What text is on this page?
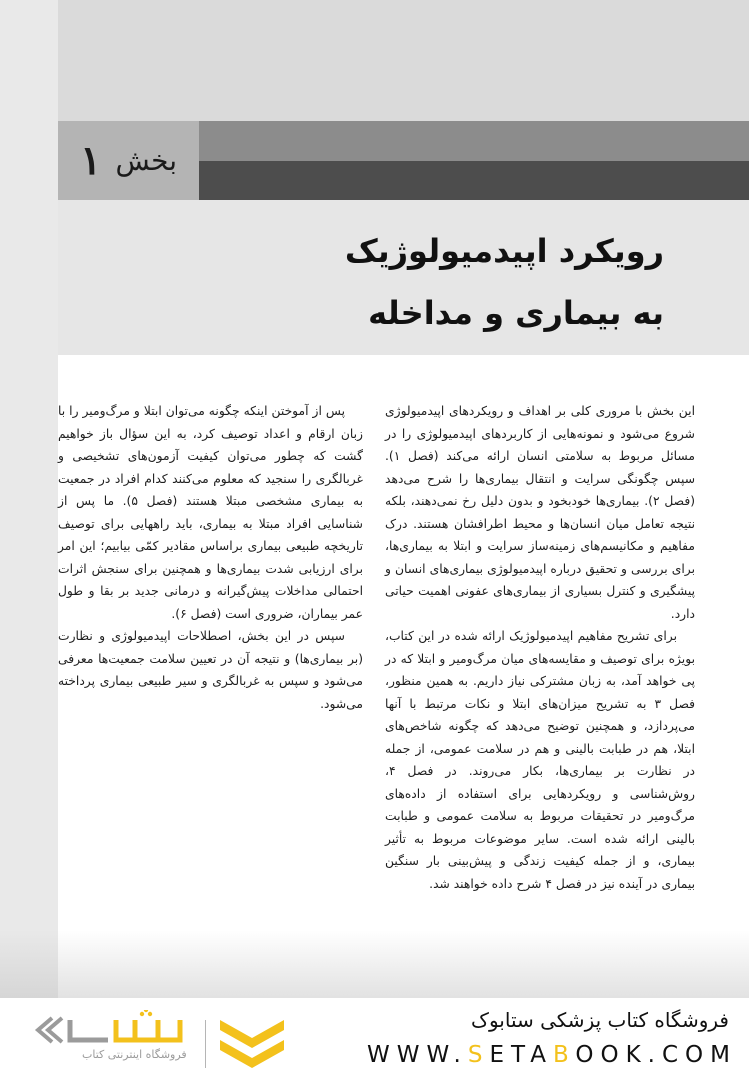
بخش
۱
رویکرد اپیدمیولوژیک
به بیماری و مداخله

این بخش با مروری کلی بر اهداف و رویکردهای اپیدمیولوژی شروع می‌شود و نمونه‌هایی از کاربردهای اپیدمیولوژی را در مسائل مربوط به سلامتی انسان ارائه می‌کند (فصل ۱). سپس چگونگی سرایت و انتقال بیماری‌ها را شرح می‌دهد (فصل ۲). بیماری‌ها خودبخود و بدون دلیل رخ نمی‌دهند، بلکه نتیجه تعامل میان انسان‌ها و محیط اطرافشان هستند. درک مفاهیم و مکانیسم‌های زمینه‌ساز سرایت و ابتلا به بیماری‌ها، برای بررسی و تحقیق درباره اپیدمیولوژی بیماری‌های انسان و پیشگیری و کنترل بسیاری از بیماری‌های عفونی اهمیت حیاتی دارد.

برای تشریح مفاهیم اپیدمیولوژیک ارائه شده در این کتاب، بویژه برای توصیف و مقایسه‌های میان مرگ‌ومیر و ابتلا که در پی خواهد آمد، به زبان مشترکی نیاز داریم. به همین منظور، فصل ۳ به تشریح میزان‌های ابتلا و نکات مرتبط با آنها می‌پردازد، و همچنین توضیح می‌دهد که چگونه شاخص‌های ابتلا، هم در طبابت بالینی و هم در سلامت عمومی، از جمله در نظارت بر بیماری‌ها، بکار می‌روند. در فصل ۴، روش‌شناسی و رویکردهایی برای استفاده از داده‌های مرگ‌ومیر در تحقیقات مربوط به سلامت عمومی و طبابت بالینی ارائه شده است. سایر موضوعات مربوط به تأثیر بیماری، و از جمله کیفیت زندگی و پیش‌بینی بار سنگین بیماری در آینده نیز در فصل ۴ شرح داده خواهند شد.

پس از آموختن اینکه چگونه می‌توان ابتلا و مرگ‌ومیر را با زبان ارقام و اعداد توصیف کرد، به این سؤال باز خواهیم گشت که چطور می‌توان کیفیت آزمون‌های تشخیصی و غربالگری را سنجید که معلوم می‌کنند کدام افراد در جمعیت به بیماری مشخصی مبتلا هستند (فصل ۵). ما پس از شناسایی افراد مبتلا به بیماری، باید راههایی برای توصیف تاریخچه طبیعی بیماری براساس مقادیر کمّی بیابیم؛ این امر برای ارزیابی شدت بیماری‌ها و همچنین برای سنجش اثرات احتمالی مداخلات پیش‌گیرانه و درمانی جدید بر بقا و طول عمر بیماران، ضروری است (فصل ۶).

سپس در این بخش، اصطلاحات اپیدمیولوژی و نظارت (بر بیماری‌ها) و نتیجه آن در تعیین سلامت جمعیت‌ها معرفی می‌شود و سپس به غربالگری و سیر طبیعی بیماری پرداخته می‌شود.

فروشگاه اینترنتی کتاب
فروشگاه کتاب پزشکی ستابوک
WWW.SETABOOK.COM
